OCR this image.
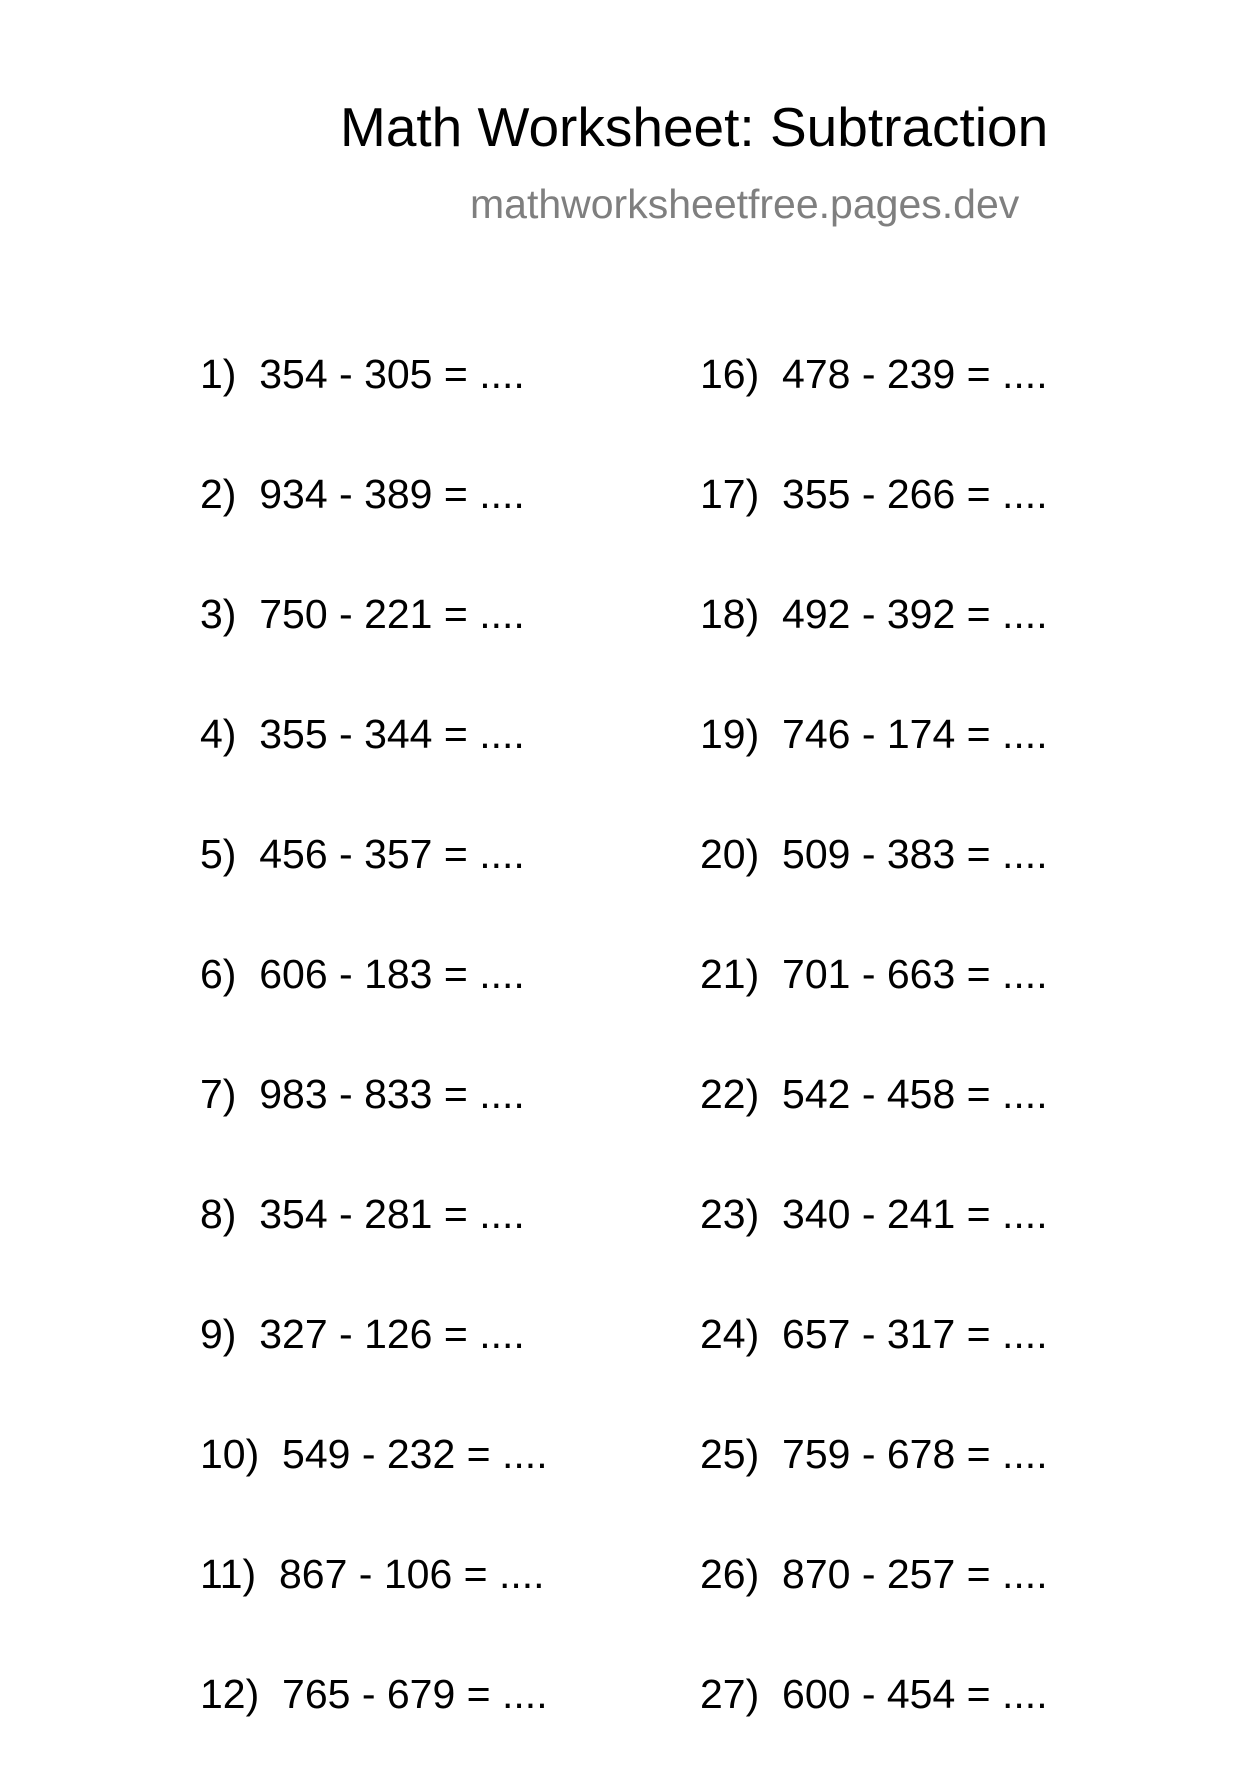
Math Worksheet: Subtraction
mathworksheetfree.pages.dev
1)  354 - 305 = ....
2)  934 - 389 = ....
3)  750 - 221 = ....
4)  355 - 344 = ....
5)  456 - 357 = ....
6)  606 - 183 = ....
7)  983 - 833 = ....
8)  354 - 281 = ....
9)  327 - 126 = ....
10)  549 - 232 = ....
11)  867 - 106 = ....
12)  765 - 679 = ....
16)  478 - 239 = ....
17)  355 - 266 = ....
18)  492 - 392 = ....
19)  746 - 174 = ....
20)  509 - 383 = ....
21)  701 - 663 = ....
22)  542 - 458 = ....
23)  340 - 241 = ....
24)  657 - 317 = ....
25)  759 - 678 = ....
26)  870 - 257 = ....
27)  600 - 454 = ....
